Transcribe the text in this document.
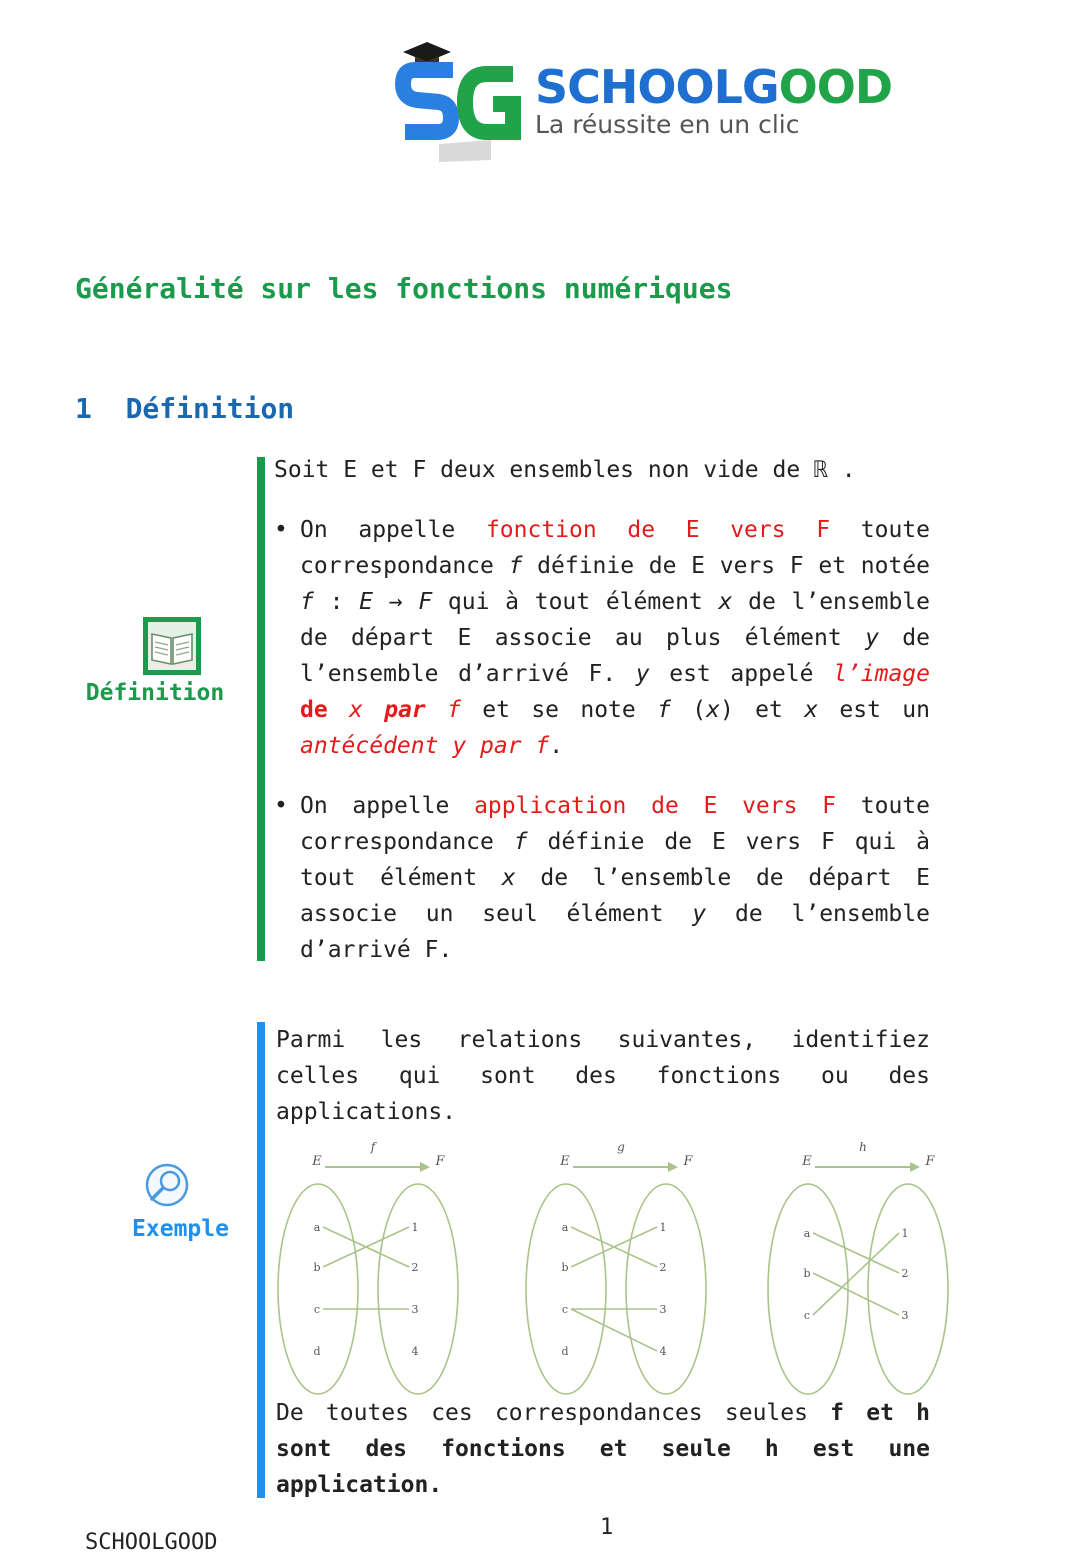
SCHOOLGOOD
La réussite en un clic
Généralité sur les fonctions numériques
1 Définition
Définition
Soit E et F deux ensembles non vide de ℝ .
• On appelle fonction de E vers F toute correspondance f définie de E vers F et notée f : E → F qui à tout élément x de l’ensemble de départ E associe au plus élément y de l’ensemble d’arrivé F. y est appelé l’image de x par f et se note f (x) et x est un antécédent y par f.
• On appelle application de E vers F toute correspondance f définie de E vers F qui à tout élément x de l’ensemble de départ E associe un seul élément y de l’ensemble d’arrivé F.
Exemple
Parmi les relations suivantes, identifiez celles qui sont des fonctions ou des applications.
E	F
f
a
b
c
d
1
2
3
4
E	F
g
a
b
c
d
1
2
3
4
E	F
h
a
b
c
1
2
3
De toutes ces correspondances seules f et h sont des fonctions et seule h est une application.
1
SCHOOLGOOD
